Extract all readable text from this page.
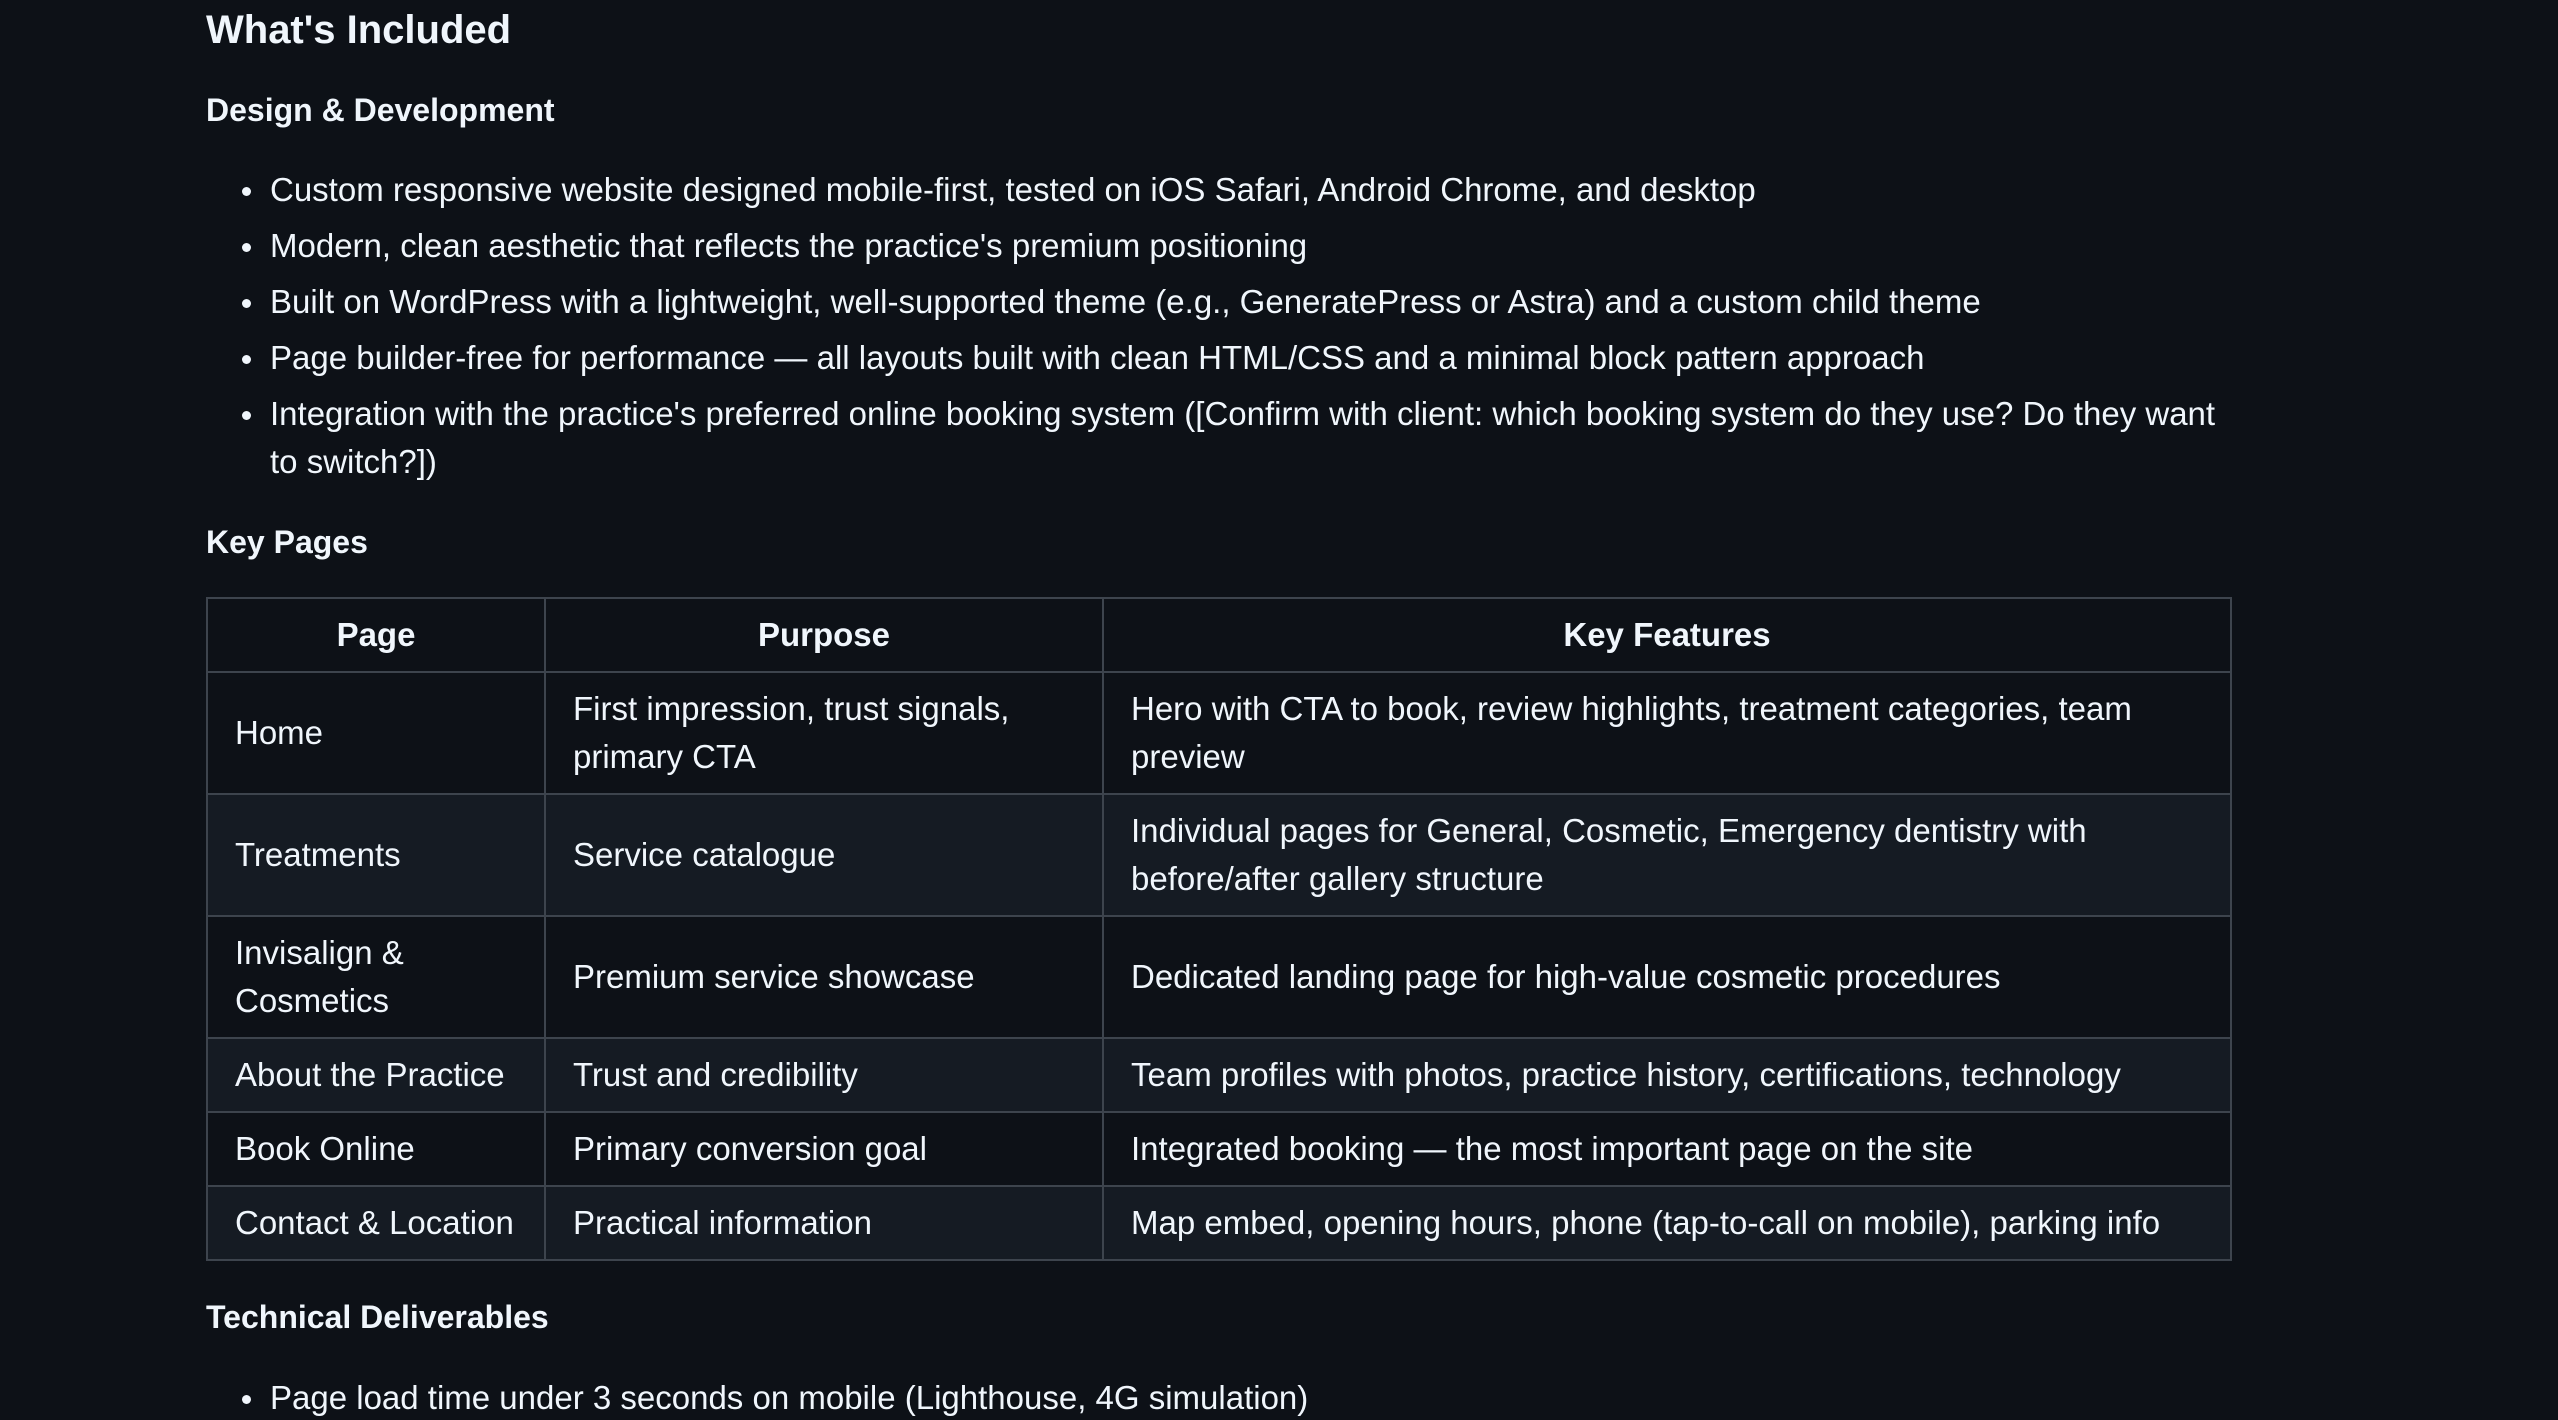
What's Included
Design & Development
Custom responsive website designed mobile-first, tested on iOS Safari, Android Chrome, and desktop
Modern, clean aesthetic that reflects the practice's premium positioning
Built on WordPress with a lightweight, well-supported theme (e.g., GeneratePress or Astra) and a custom child theme
Page builder-free for performance — all layouts built with clean HTML/CSS and a minimal block pattern approach
Integration with the practice's preferred online booking system ([Confirm with client: which booking system do they use? Do they want to switch?])
Key Pages
Page	Purpose	Key Features
Home	First impression, trust signals, primary CTA	Hero with CTA to book, review highlights, treatment categories, team preview
Treatments	Service catalogue	Individual pages for General, Cosmetic, Emergency dentistry with before/after gallery structure
Invisalign & Cosmetics	Premium service showcase	Dedicated landing page for high-value cosmetic procedures
About the Practice	Trust and credibility	Team profiles with photos, practice history, certifications, technology
Book Online	Primary conversion goal	Integrated booking — the most important page on the site
Contact & Location	Practical information	Map embed, opening hours, phone (tap-to-call on mobile), parking info
Technical Deliverables
Page load time under 3 seconds on mobile (Lighthouse, 4G simulation)
